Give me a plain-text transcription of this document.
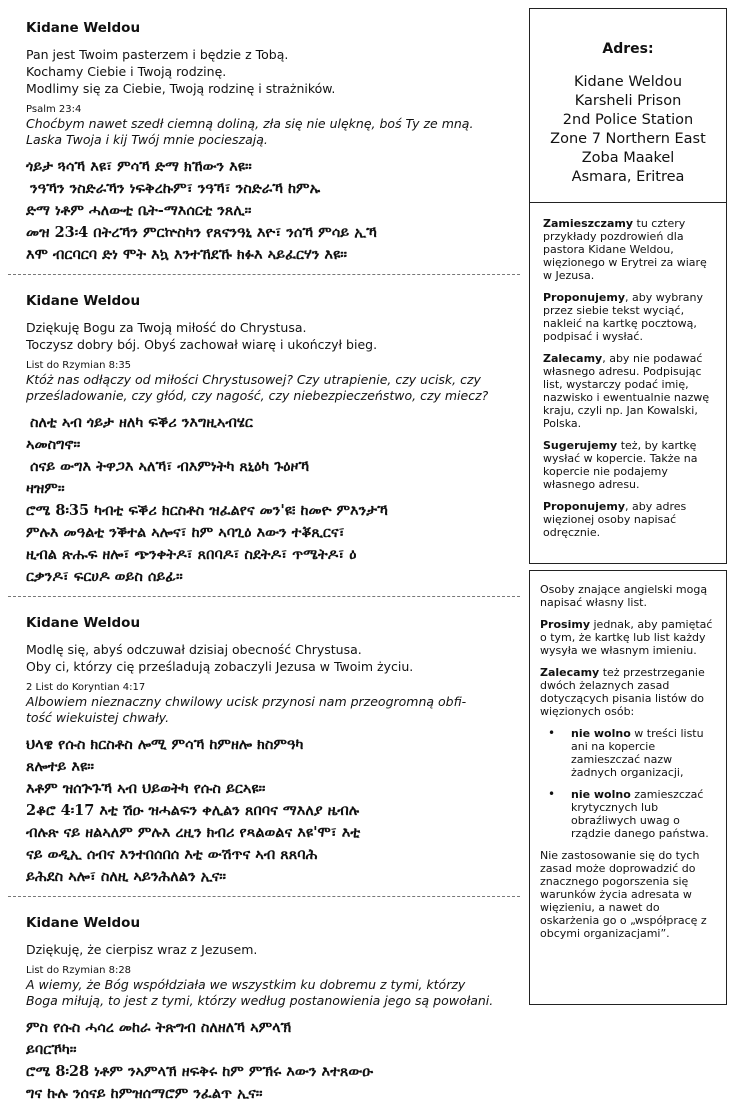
Kidane Weldou
Pan jest Twoim pasterzem i będzie z Tobą.
Kochamy Ciebie i Twoją rodzinę.
Modlimy się za Ciebie, Twoją rodzinę i strażników.
Psalm 23:4
Choćbym nawet szedł ciemną doliną, zła się nie ulęknę, boś Ty ze mną.
Laska Twoja i kij Twój mnie pocieszają.

ጎይታ ጓሳኻ እዩ፣ ምሳኻ ድማ ክኸውን እዩ።

ንዓኻን ንስድራኻን ነፍቅረኩም፣ ንዓኻ፣ ንስድራኻ ከምኡ

ድማ ነቶም ሓለውቲ ቤት-ማእሰርቲ ንጸሊ።

መዝ 23፡4 በትረኻን ምርኵስካን የጸናንዓኒ እዮ፣ ንሰኻ ምሳይ ኢኻ

እሞ ብርባርባ ድነ ሞት እኳ እንተኸደኹ ክፉእ ኣይፈርሃን እዩ።

Kidane Weldou
Dziękuję Bogu za Twoją miłość do Chrystusa.
Toczysz dobry bój. Obyś zachował wiarę i ukończył bieg.
List do Rzymian 8:35
Któż nas odłączy od miłości Chrystusowej? Czy utrapienie, czy ucisk, czy
prześladowanie, czy głód, czy nagość, czy niebezpieczeństwo, czy miecz?

ስለቲ ኣብ ጎይታ ዘለካ ፍቕሪ ንእግዚኣብሄር

ኣመስግኖ።

ሰናይ ውግእ ትዋጋእ ኣለኻ፣ ብእምነትካ ጸኒዕካ ጉዕዞኻ

ዛዝም።

ሮሜ 8፡35 ካብቲ ፍቕሪ ክርስቶስ ዝፈልየና መን'ዩ፧ ከመዮ ምእንታኻ

ምሉእ መዓልቲ ንቕተል ኣሎና፣ ከም ኣባጊዕ እውን ተቖጺርና፣

ዚብል ጽሑፍ ዘሎ፣ ጭንቀትዶ፣ ጸበባዶ፣ ስደትዶ፣ ጥሜትዶ፣ ዕ

ርቃንዶ፣ ፍርሀዶ ወይስ ሰይፊ።

Kidane Weldou
Modlę się, abyś odczuwał dzisiaj obecność Chrystusa.
Oby ci, którzy cię prześladują zobaczyli Jezusa w Twoim życiu.
2 List do Koryntian 4:17
Albowiem nieznaczny chwilowy ucisk przynosi nam przeogromną obfi-
tość wiekuistej chwały.

ህላዌ የሱስ ክርስቶስ ሎሚ ምሳኻ ከምዘሎ ክስምዓካ

ጸሎተይ እዩ።

እቶም ዝሰጕጉኻ ኣብ ህይወትካ የሱስ ይርኣዩ።

2ቆሮ 4፡17 እቲ ሽዑ ዝሓልፍን ቀሊልን ጸበባና ማእለያ ዜብሉ

ብሉጽ ናይ ዘልኣለም ምሉእ ረዚን ክብሪ የጻልወልና እዩ'ሞ፣ እቲ

ናይ ወዲኢ ሰብና እንተበሰበሰ እቲ ውሽጥና ኣብ ጸጸባሕ

ይሕደስ ኣሎ፣ ስለዚ ኣይንሕለልን ኢና።

Kidane Weldou
Dziękuję, że cierpisz wraz z Jezusem.
List do Rzymian 8:28
A wiemy, że Bóg współdziała we wszystkim ku dobremu z tymi, którzy
Boga miłują, to jest z tymi, którzy według postanowienia jego są powołani.

ምስ የሱስ ሓሳረ መከራ ትጽግብ ስለዘለኻ ኣምላኽ

ይባርኾካ።

ሮሜ 8፡28 ነቶም ንኣምላኽ ዘፍቅሩ ከም ምኽሩ እውን እተጸውዑ

ግና ኩሉ ንሰናይ ከምዝሰማሮም ንፈልጥ ኢና።

Adres:
Kidane Weldou
Karsheli Prison
2nd Police Station
Zone 7 Northern East
Zoba Maakel
Asmara, Eritrea

Zamieszczamy tu cztery przykłady pozdrowień dla pastora Kidane Weldou, więzionego w Erytrei za wiarę w Jezusa.

Proponujemy, aby wybrany przez siebie tekst wyciąć, nakleić na kartkę pocztową, podpisać i wysłać.

Zalecamy, aby nie podawać własnego adresu. Podpisując list, wystarczy podać imię, nazwisko i ewentualnie nazwę kraju, czyli np. Jan Kowalski, Polska.

Sugerujemy też, by kartkę wysłać w kopercie. Także na kopercie nie podajemy własnego adresu.

Proponujemy, aby adres więzionej osoby napisać odręcznie.

Osoby znające angielski mogą napisać własny list.

Prosimy jednak, aby pamiętać o tym, że kartkę lub list każdy wysyła we własnym imieniu.

Zalecamy też przestrzeganie dwóch żelaznych zasad dotyczących pisania listów do więzionych osób:

• nie wolno w treści listu ani na kopercie zamieszczać nazw żadnych organizacji,
• nie wolno zamieszczać krytycznych lub obraźliwych uwag o rządzie danego państwa.

Nie zastosowanie się do tych zasad może doprowadzić do znacznego pogorszenia się warunków życia adresata w więzieniu, a nawet do oskarżenia go o „współpracę z obcymi organizacjami”.
